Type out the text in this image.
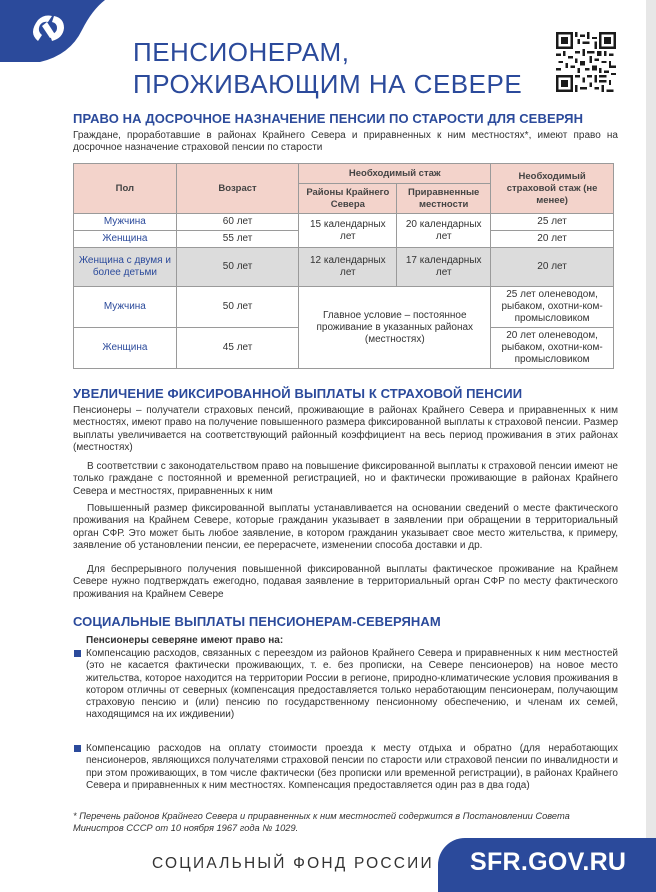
ПЕНСИОНЕРАМ,
ПРОЖИВАЮЩИМ НА СЕВЕРЕ
ПРАВО НА ДОСРОЧНОЕ НАЗНАЧЕНИЕ ПЕНСИИ ПО СТАРОСТИ ДЛЯ СЕВЕРЯН
Граждане, проработавшие в районах Крайнего Севера и приравненных к ним местностях*, имеют право на досрочное назначение страховой пенсии по старости
Пол	Возраст	Необходимый стаж		Необходимый страховой стаж (не менее)
		Районы Крайнего Севера	Приравненные местности	
Мужчина	60 лет	15 календарных лет	20 календарных лет	25 лет
Женщина	55 лет			20 лет
Женщина с двумя и более детьми	50 лет	12 календарных лет	17 календарных лет	20 лет
Мужчина	50 лет	Главное условие – постоянное проживание в указанных районах (местностях)		25 лет оленеводом, рыбаком, охотни-ком-промысловиком
Женщина	45 лет			20 лет оленеводом, рыбаком, охотни-ком-промысловиком
УВЕЛИЧЕНИЕ ФИКСИРОВАННОЙ ВЫПЛАТЫ К СТРАХОВОЙ ПЕНСИИ
Пенсионеры – получатели страховых пенсий, проживающие в районах Крайнего Севера и приравненных к ним местностях, имеют право на получение повышенного размера фиксированной выплаты к страховой пенсии. Размер выплаты увеличивается на соответствующий районный коэффициент на весь период проживания в этих районах (местностях)
В соответствии с законодательством право на повышение фиксированной выплаты к страховой пенсии имеют не только граждане с постоянной и временной регистрацией, но и фактически проживающие в районах Крайнего Севера и местностях, приравненных к ним
Повышенный размер фиксированной выплаты устанавливается на основании сведений о месте фактического проживания на Крайнем Севере, которые гражданин указывает в заявлении при обращении в территориальный орган СФР. Это может быть любое заявление, в котором гражданин указывает свое место жительства, к примеру, заявление об установлении пенсии, ее перерасчете, изменении способа доставки и др.
Для беспрерывного получения повышенной фиксированной выплаты фактическое проживание на Крайнем Севере нужно подтверждать ежегодно, подавая заявление в территориальный орган СФР по месту фактического проживания на Крайнем Севере
СОЦИАЛЬНЫЕ ВЫПЛАТЫ ПЕНСИОНЕРАМ-СЕВЕРЯНАМ
Пенсионеры северяне имеют право на:
Компенсацию расходов, связанных с переездом из районов Крайнего Севера и приравненных к ним местностей (это не касается фактически проживающих, т. е. без прописки, на Севере пенсионеров) на новое место жительства, которое находится на территории России в регионе, природно-климатические условия проживания в котором отличны от северных (компенсация предоставляется только неработающим пенсионерам, получающим страховую пенсию и (или) пенсию по государственному пенсионному обеспечению, и членам их семей, находящимся на их иждивении)
Компенсацию расходов на оплату стоимости проезда к месту отдыха и обратно (для неработающих пенсионеров, являющихся получателями страховой пенсии по старости или страховой пенсии по инвалидности и при этом проживающих, в том числе фактически (без прописки или временной регистрации), в районах Крайнего Севера и приравненных к ним местностях. Компенсация предоставляется один раз в два года)
* Перечень районов Крайнего Севера и приравненных к ним местностей содержится в Постановлении Совета Министров СССР от 10 ноября 1967 года № 1029.
СОЦИАЛЬНЫЙ ФОНД РОССИИ SFR.GOV.RU
